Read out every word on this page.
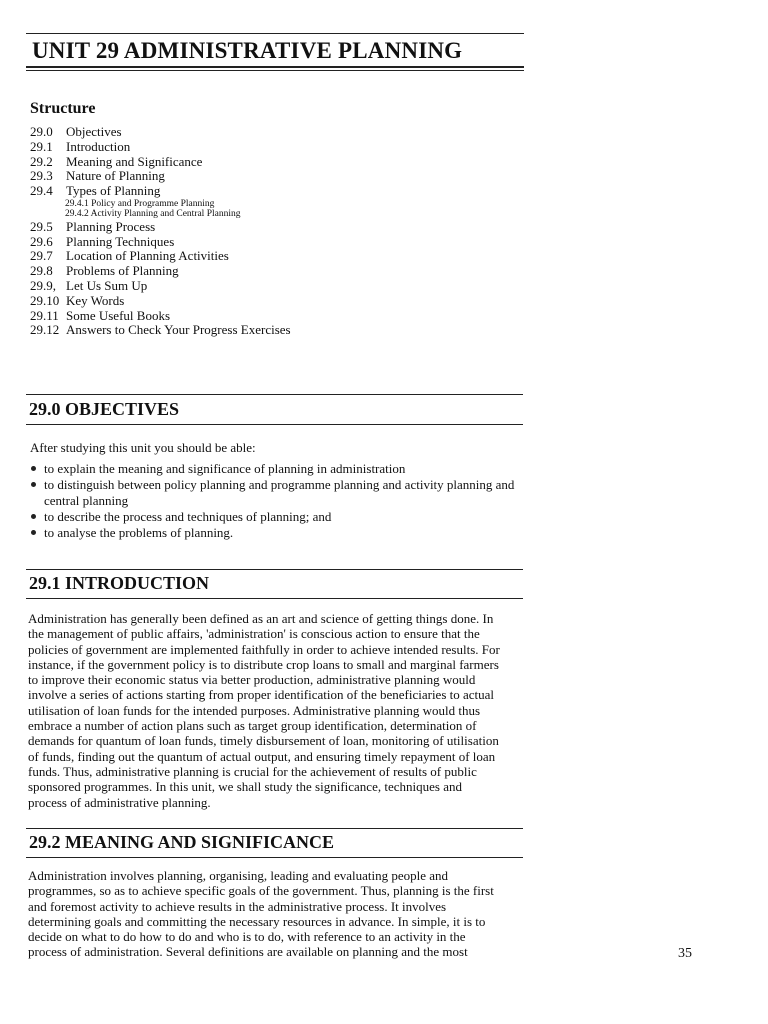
UNIT 29 ADMINISTRATIVE PLANNING
Structure
29.0	Objectives
29.1	Introduction
29.2	Meaning and Significance
29.3	Nature of Planning
29.4	Types of Planning
29.4.1 Policy and Programme Planning
29.4.2 Activity Planning and Central Planning
29.5	Planning Process
29.6	Planning Techniques
29.7	Location of Planning Activities
29.8	Problems of Planning
29.9, Let Us Sum Up
29.10 Key Words
29.11 Some Useful Books
29.12 Answers to Check Your Progress Exercises
29.0 OBJECTIVES
After studying this unit you should be able:
to explain the meaning and significance of planning in administration
to distinguish between policy planning and programme planning and activity planning and central planning
to describe the process and techniques of planning; and
to analyse the problems of planning.
29.1 INTRODUCTION
Administration has generally been defined as an art and science of getting things done. In
the management of public affairs, 'administration' is conscious action to ensure that the
policies of government are implemented faithfully in order to achieve intended results. For
instance, if the government policy is to distribute crop loans to small and marginal farmers
to improve their economic status via better production, administrative planning would
involve a series of actions starting from proper identification of the beneficiaries to actual
utilisation of loan funds for the intended purposes. Administrative planning would thus
embrace a number of action plans such as target group identification, determination of
demands for quantum of loan funds, timely disbursement of loan, monitoring of utilisation
of funds, finding out the quantum of actual output, and ensuring timely repayment of loan
funds. Thus, administrative planning is crucial for the achievement of results of public
sponsored programmes. In this unit, we shall study the significance, techniques and
process of administrative planning.
29.2 MEANING AND SIGNIFICANCE
Administration involves planning, organising, leading and evaluating people and
programmes, so as to achieve specific goals of the government. Thus, planning is the first
and foremost activity to achieve results in the administrative process. It involves
determining goals and committing the necessary resources in advance. In simple, it is to
decide on what to do how to do and who is to do, with reference to an activity in the
process of administration. Several definitions are available on planning and the most	35
